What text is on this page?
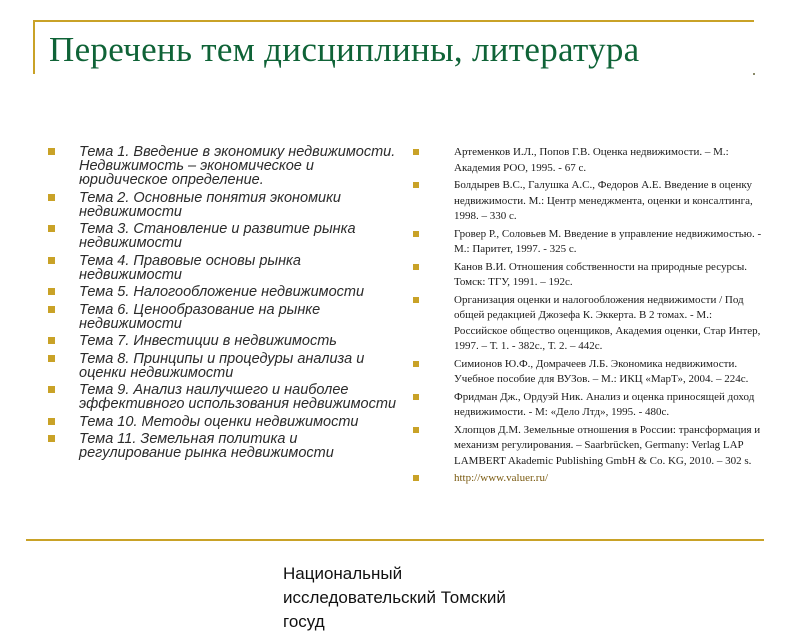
Перечень тем дисциплины, литература
Тема 1. Введение в экономику недвижимости. Недвижимость – экономическое и юридическое определение.
Тема 2. Основные понятия экономики недвижимости
Тема 3. Становление и развитие рынка недвижимости
Тема 4. Правовые основы рынка недвижимости
Тема 5. Налогообложение недвижимости
Тема 6. Ценообразование на рынке недвижимости
Тема 7. Инвестиции в недвижимость
Тема 8. Принципы и процедуры анализа и оценки недвижимости
Тема 9. Анализ наилучшего и наиболее эффективного использования недвижимости
Тема 10. Методы оценки недвижимости
Тема 11. Земельная политика и регулирование рынка недвижимости
Артеменков И.Л., Попов Г.В. Оценка недвижимости. – М.: Академия РОО, 1995. - 67 с.
Болдырев В.С., Галушка А.С., Федоров А.Е. Введение в оценку недвижимости. М.: Центр менеджмента, оценки и консалтинга, 1998. – 330 с.
Гровер Р., Соловьев М. Введение в управление недвижимостью. - М.: Паритет, 1997. - 325 с.
Канов В.И. Отношения собственности на природные ресурсы. Томск: ТГУ, 1991. – 192с.
Организация оценки и налогообложения недвижимости / Под общей редакцией Джозефа К. Эккерта. В 2 томах. - М.: Российское общество оценщиков, Академия оценки, Стар Интер, 1997. – Т. 1. - 382с., Т. 2. – 442с.
Симионов Ю.Ф., Домрачеев Л.Б. Экономика недвижимости. Учебное пособие для ВУЗов. – М.: ИКЦ «МарТ», 2004. – 224с.
Фридман Дж., Ордуэй Ник. Анализ и оценка приносящей доход недвижимости. - М: «Дело Лтд», 1995. - 480с.
Хлопцов Д.М. Земельные отношения в России: трансформация и механизм регулирования. – Saarbrücken, Germany: Verlag LAP LAMBERT Akademic Publishing GmbH & Co. KG, 2010. – 302 s.
http://www.valuer.ru/
Национальный исследовательский Томский госуд
